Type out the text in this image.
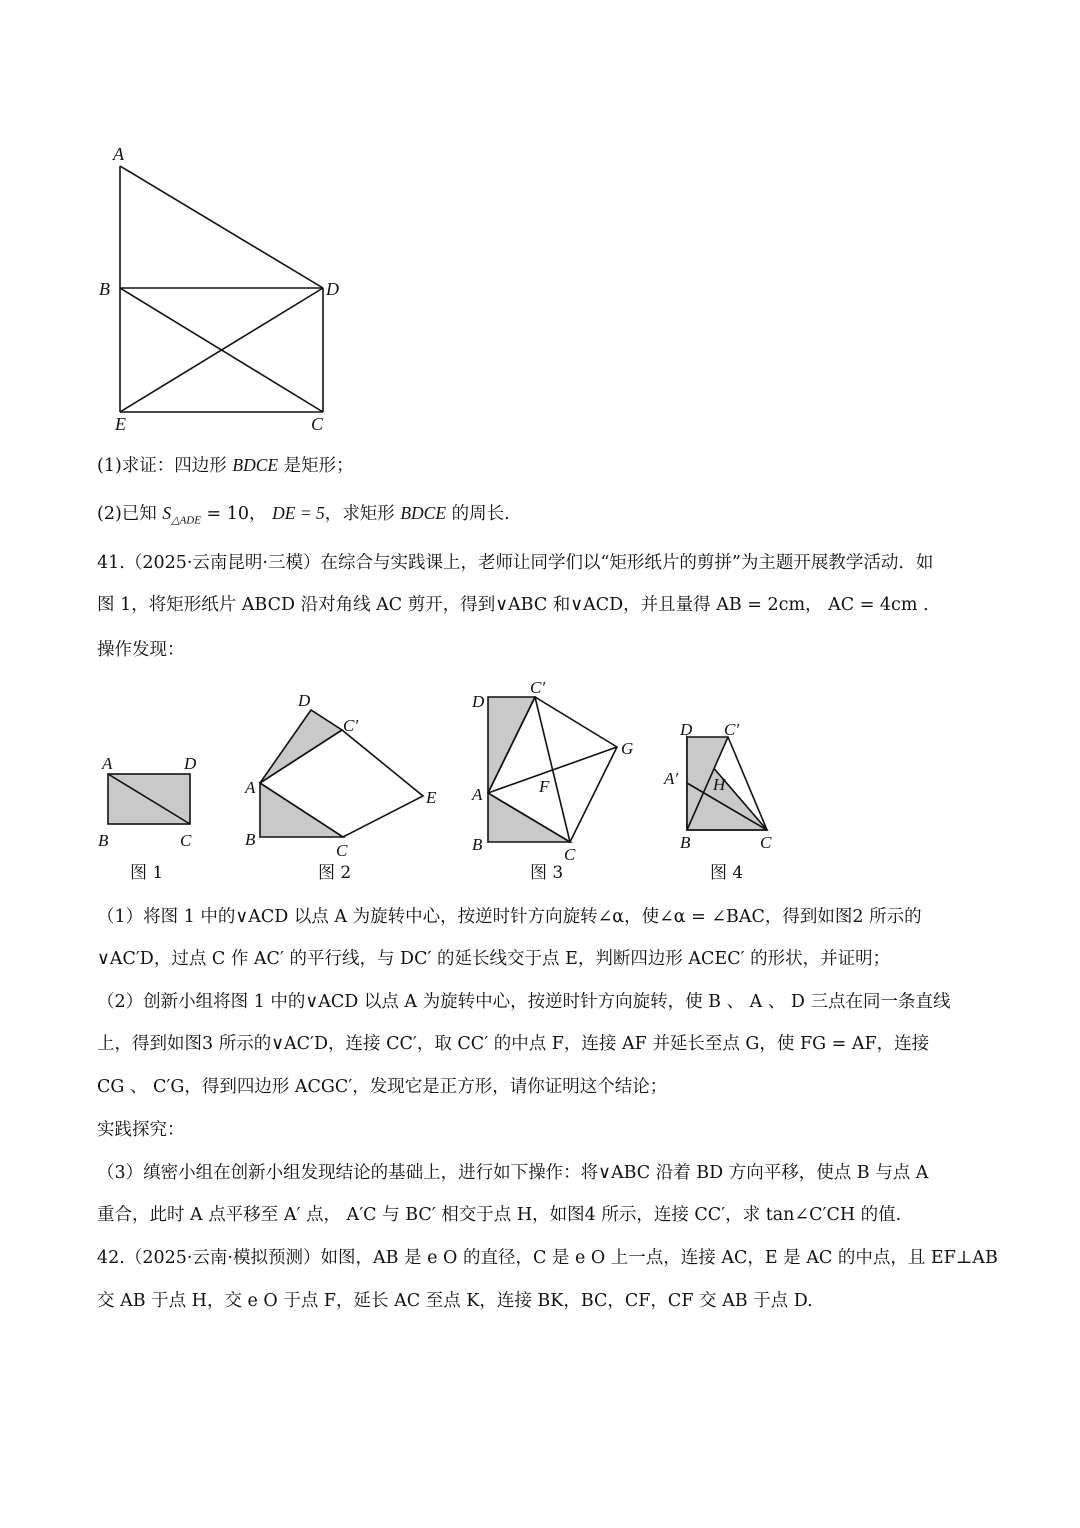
A
B	D
E	C
(1)求证：四边形 BDCE 是矩形；
(2)已知 $S_{\triangle ADE} = 10$， DE = 5，求矩形 BDCE 的周长.
41.（2025·云南昆明·三模）在综合与实践课上，老师让同学们以“矩形纸片的剪拼”为主题开展教学活动．如
图 1，将矩形纸片 ABCD 沿对角线 AC 剪开，得到∨ABC 和∨ACD，并且量得 AB = 2cm， AC = 4cm .
操作发现：
A	D
B	C
图 1
D
C′
A
E
B
C
图 2
D
C′
G
F
A
B
C
图 3
D C′
A′ H
B	C
图 4
（1）将图 1 中的∨ACD 以点 A 为旋转中心，按逆时针方向旋转∠α，使∠α = ∠BAC，得到如图2 所示的
∨AC′D，过点 C 作 AC′ 的平行线，与 DC′ 的延长线交于点 E，判断四边形 ACEC′ 的形状，并证明；
（2）创新小组将图 1 中的∨ACD 以点 A 为旋转中心，按逆时针方向旋转，使 B 、 A 、 D 三点在同一条直线
上，得到如图3 所示的∨AC′D，连接 CC′，取 CC′ 的中点 F，连接 AF 并延长至点 G，使 FG = AF，连接
CG 、 C′G，得到四边形 ACGC′，发现它是正方形，请你证明这个结论；
实践探究：
（3）缜密小组在创新小组发现结论的基础上，进行如下操作：将∨ABC 沿着 BD 方向平移，使点 B 与点 A
重合，此时 A 点平移至 A′ 点， A′C 与 BC′ 相交于点 H，如图4 所示，连接 CC′，求 tan∠C′CH 的值.
42.（2025·云南·模拟预测）如图，AB 是 e O 的直径，C 是 e O 上一点，连接 AC，E 是 AC 的中点，且 EF⊥AB
交 AB 于点 H，交 e O 于点 F，延长 AC 至点 K，连接 BK，BC，CF，CF 交 AB 于点 D.
